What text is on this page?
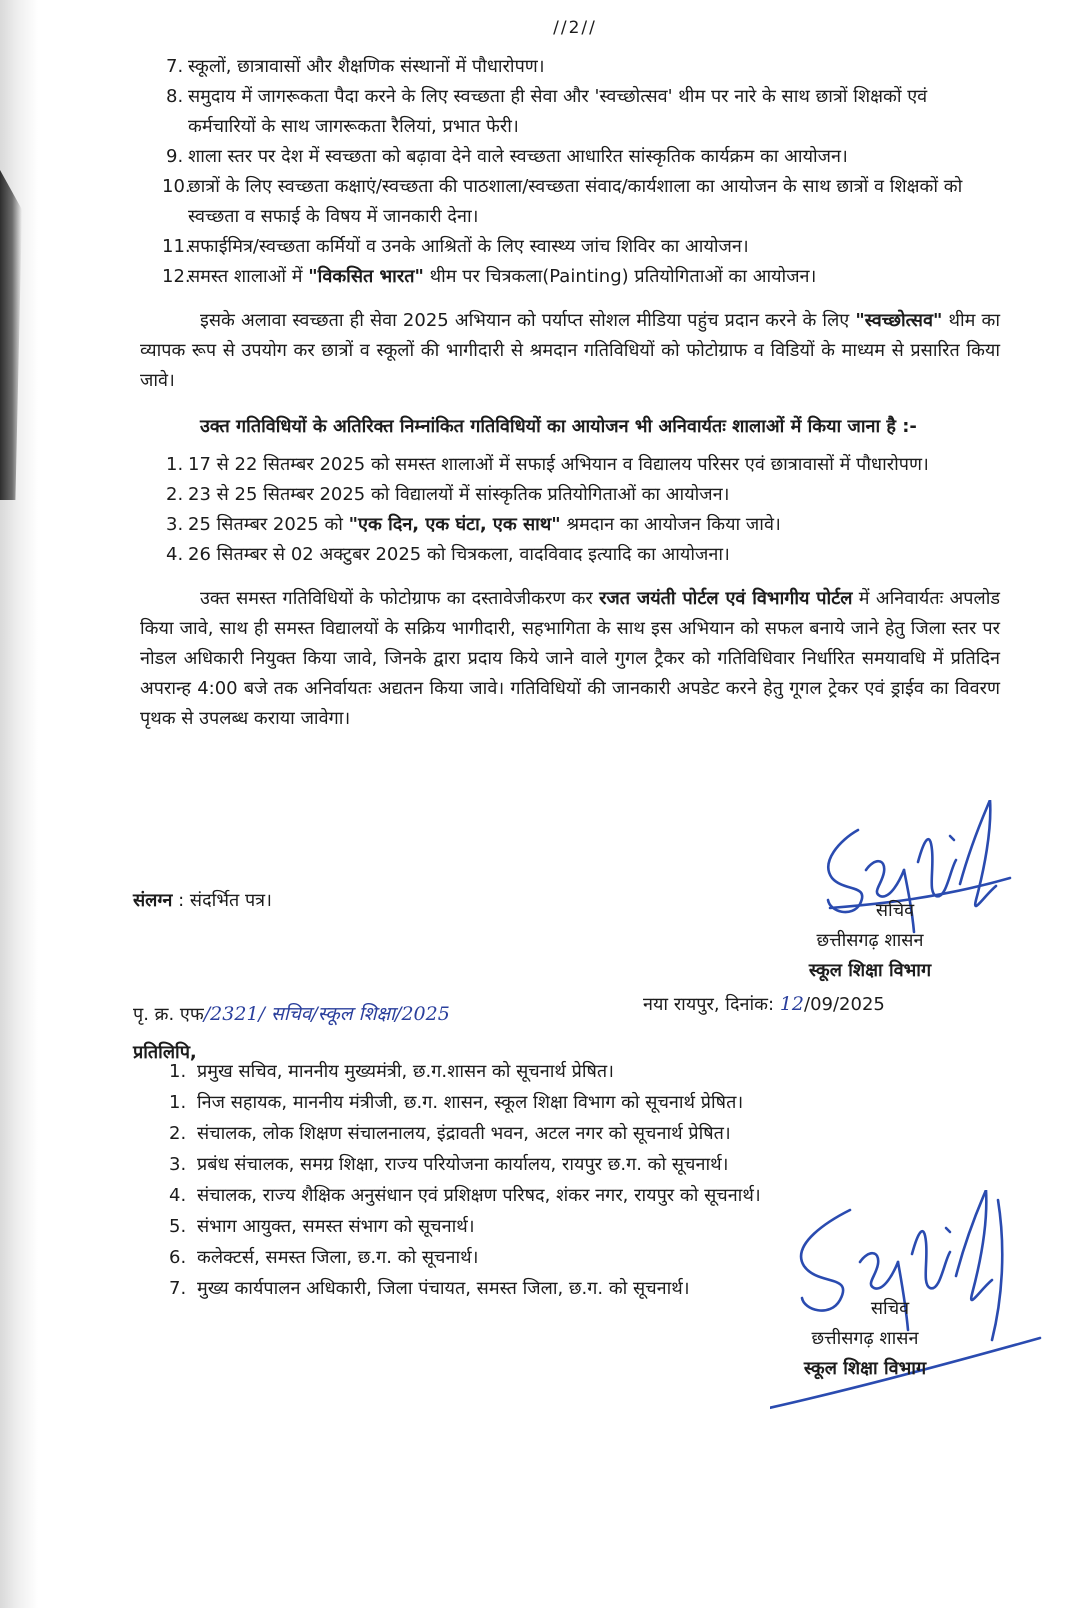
//2//
7. स्कूलों, छात्रावासों और शैक्षणिक संस्थानों में पौधारोपण।
8. समुदाय में जागरूकता पैदा करने के लिए स्वच्छता ही सेवा और 'स्वच्छोत्सव' थीम पर नारे के साथ छात्रों शिक्षकों एवं कर्मचारियों के साथ जागरूकता रैलियां, प्रभात फेरी।
9. शाला स्तर पर देश में स्वच्छता को बढ़ावा देने वाले स्वच्छता आधारित सांस्कृतिक कार्यक्रम का आयोजन।
10.
छात्रों के लिए स्वच्छता कक्षाएं/स्वच्छता की पाठशाला/स्वच्छता संवाद/कार्यशाला का आयोजन के साथ छात्रों व शिक्षकों को स्वच्छता व सफाई के विषय में जानकारी देना।
11.
सफाईमित्र/स्वच्छता कर्मियों व उनके आश्रितों के लिए स्वास्थ्य जांच शिविर का आयोजन।
12.
समस्त शालाओं में "विकसित भारत" थीम पर चित्रकला(Painting) प्रतियोगिताओं का आयोजन।

इसके अलावा स्वच्छता ही सेवा 2025 अभियान को पर्याप्त सोशल मीडिया पहुंच प्रदान करने के लिए "स्वच्छोत्सव" थीम का व्यापक रूप से उपयोग कर छात्रों व स्कूलों की भागीदारी से श्रमदान गतिविधियों को फोटोग्राफ व विडियों के माध्यम से प्रसारित किया जावे।

उक्त गतिविधियों के अतिरिक्त निम्नांकित गतिविधियों का आयोजन भी अनिवार्यतः शालाओं में किया जाना है :-

1. 17 से 22 सितम्बर 2025 को समस्त शालाओं में सफाई अभियान व विद्यालय परिसर एवं छात्रावासों में पौधारोपण।
2. 23 से 25 सितम्बर 2025 को विद्यालयों में सांस्कृतिक प्रतियोगिताओं का आयोजन।
3. 25 सितम्बर 2025 को "एक दिन, एक घंटा, एक साथ" श्रमदान का आयोजन किया जावे।
4. 26 सितम्बर से 02 अक्टुबर 2025 को चित्रकला, वादविवाद इत्यादि का आयोजना।

उक्त समस्त गतिविधियों के फोटोग्राफ का दस्तावेजीकरण कर रजत जयंती पोर्टल एवं विभागीय पोर्टल में अनिवार्यतः अपलोड किया जावे, साथ ही समस्त विद्यालयों के सक्रिय भागीदारी, सहभागिता के साथ इस अभियान को सफल बनाये जाने हेतु जिला स्तर पर नोडल अधिकारी नियुक्त किया जावे, जिनके द्वारा प्रदाय किये जाने वाले गुगल ट्रैकर को गतिविधिवार निर्धारित समयावधि में प्रतिदिन अपरान्ह 4:00 बजे तक अनिर्वायतः अद्यतन किया जावे। गतिविधियों की जानकारी अपडेट करने हेतु गूगल ट्रेकर एवं ड्राईव का विवरण पृथक से उपलब्ध कराया जावेगा।

संलग्न : संदर्भित पत्र।	सचिव
छत्तीसगढ़ शासन
स्कूल शिक्षा विभाग
पृ. क्र. एफ/2321/ सचिव/स्कूल शिक्षा/2025	नया रायपुर, दिनांक: 12/09/2025
प्रतिलिपि,
1. प्रमुख सचिव, माननीय मुख्यमंत्री, छ.ग.शासन को सूचनार्थ प्रेषित।
1. निज सहायक, माननीय मंत्रीजी, छ.ग. शासन, स्कूल शिक्षा विभाग को सूचनार्थ प्रेषित।
2. संचालक, लोक शिक्षण संचालनालय, इंद्रावती भवन, अटल नगर को सूचनार्थ प्रेषित।
3. प्रबंध संचालक, समग्र शिक्षा, राज्य परियोजना कार्यालय, रायपुर छ.ग. को सूचनार्थ।
4. संचालक, राज्य शैक्षिक अनुसंधान एवं प्रशिक्षण परिषद, शंकर नगर, रायपुर को सूचनार्थ।
5. संभाग आयुक्त, समस्त संभाग को सूचनार्थ।
6. कलेक्टर्स, समस्त जिला, छ.ग. को सूचनार्थ।
7. मुख्य कार्यपालन अधिकारी, जिला पंचायत, समस्त जिला, छ.ग. को सूचनार्थ।
सचिव
छत्तीसगढ़ शासन
स्कूल शिक्षा विभाग
